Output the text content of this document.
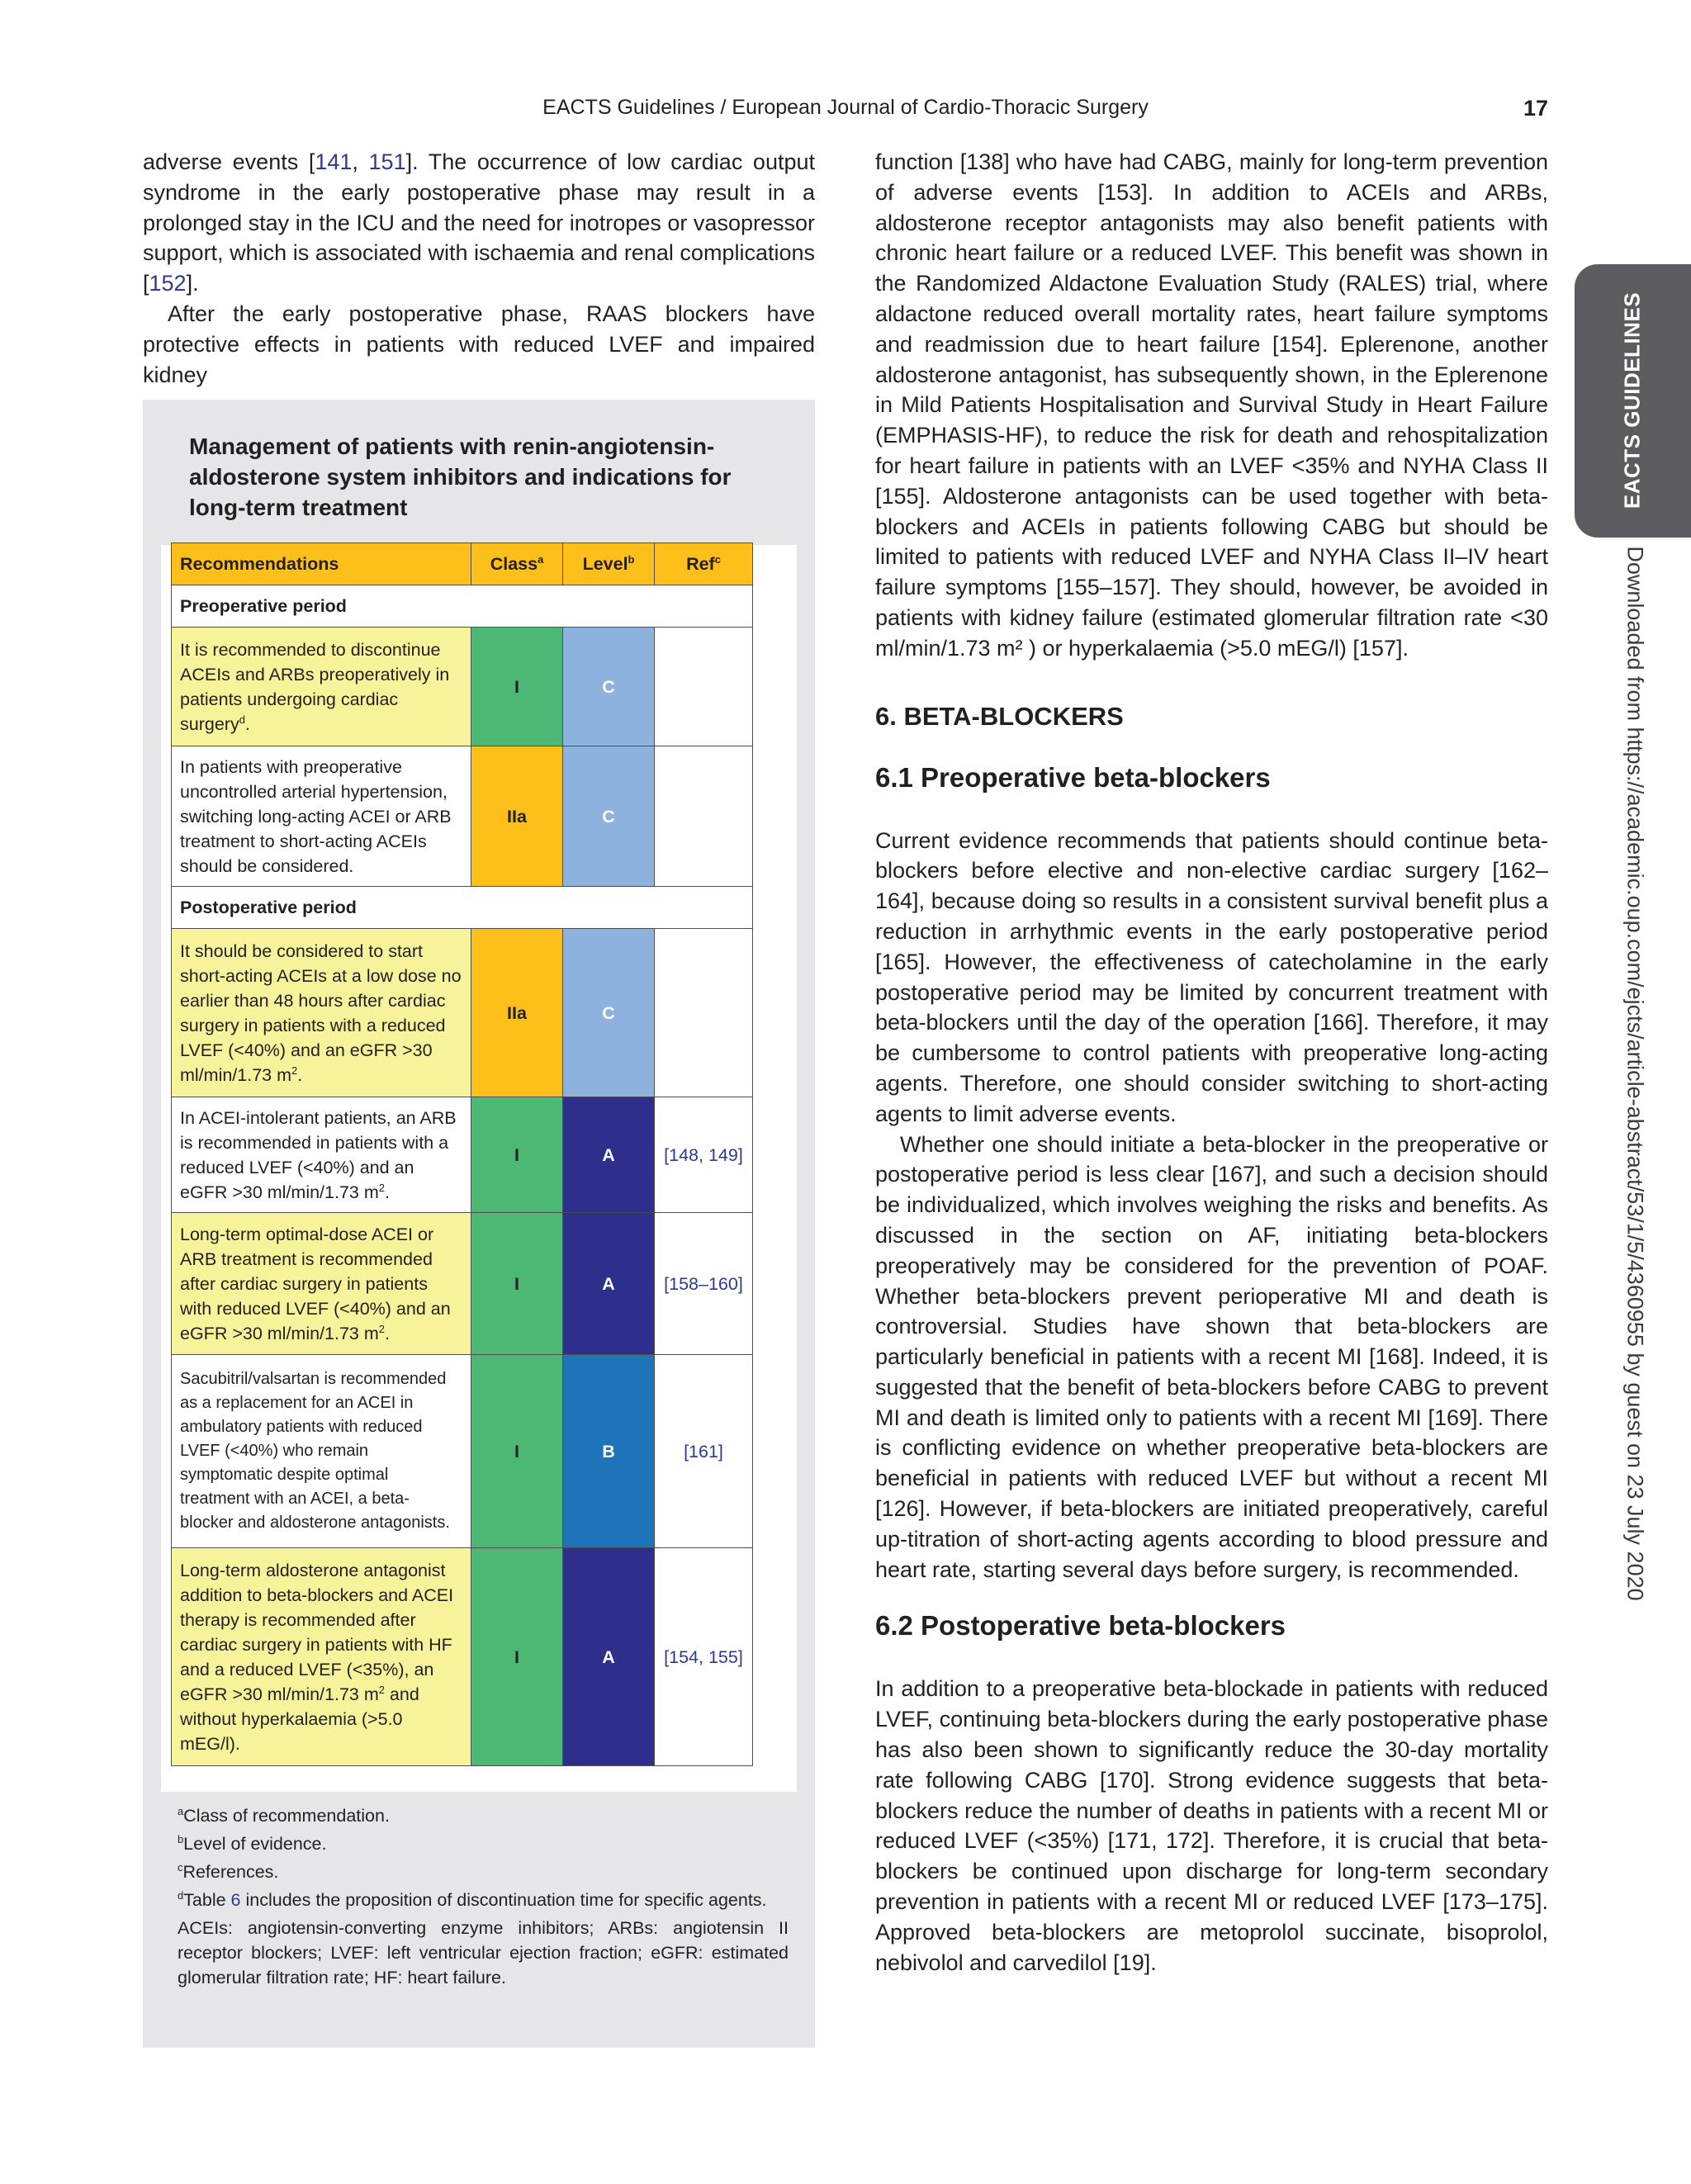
EACTS Guidelines / European Journal of Cardio-Thoracic Surgery	17
EACTS GUIDELINES
Downloaded from https://academic.oup.com/ejcts/article-abstract/53/1/5/4360955 by guest on 23 July 2020

adverse events [141, 151]. The occurrence of low cardiac output syndrome in the early postoperative phase may result in a prolonged stay in the ICU and the need for inotropes or vasopressor support, which is associated with ischaemia and renal complications [152].

After the early postoperative phase, RAAS blockers have protective effects in patients with reduced LVEF and impaired kidney

Management of patients with renin-angiotensin-aldosterone system inhibitors and indications for long-term treatment
$^a$Class of recommendation.
$^b$Level of evidence.
$^c$References.
$^d$Table 6 includes the proposition of discontinuation time for specific agents.
ACEIs: angiotensin-converting enzyme inhibitors; ARBs: angiotensin II receptor blockers; LVEF: left ventricular ejection fraction; eGFR: estimated glomerular filtration rate; HF: heart failure.
Recommendations	Class$^a$	Level$^b$	Ref$^c$
Preoperative period			
It is recommended to discontinue ACEIs and ARBs preoperatively in patients undergoing cardiac surgery$^d$.	I	C	
In patients with preoperative uncontrolled arterial hypertension, switching long-acting ACEI or ARB treatment to short-acting ACEIs should be considered.	IIa	C	
Postoperative period			
It should be considered to start short-acting ACEIs at a low dose no earlier than 48 hours after cardiac surgery in patients with a reduced LVEF (<40%) and an eGFR >30 ml/min/1.73 $m^2$.	IIa	C	
In ACEI-intolerant patients, an ARB is recommended in patients with a reduced LVEF (<40%) and an eGFR >30 ml/min/1.73 $m^2$.	I	A	[148, 149]
Long-term optimal-dose ACEI or ARB treatment is recommended after cardiac surgery in patients with reduced LVEF (<40%) and an eGFR >30 ml/min/1.73 $m^2$.	I	A	[158–160]
Sacubitril/valsartan is recommended as a replacement for an ACEI in ambulatory patients with reduced LVEF (<40%) who remain symptomatic despite optimal treatment with an ACEI, a beta-blocker and aldosterone antagonists.	I	B	[161]
Long-term aldosterone antagonist addition to beta-blockers and ACEI therapy is recommended after cardiac surgery in patients with HF and a reduced LVEF (<35%), an eGFR >30 ml/min/1.73 $m^2$ and without hyperkalaemia (>5.0 mEG/l).	I	A	[154, 155]

function [138] who have had CABG, mainly for long-term prevention of adverse events [153]. In addition to ACEIs and ARBs, aldosterone receptor antagonists may also benefit patients with chronic heart failure or a reduced LVEF. This benefit was shown in the Randomized Aldactone Evaluation Study (RALES) trial, where aldactone reduced overall mortality rates, heart failure symptoms and readmission due to heart failure [154]. Eplerenone, another aldosterone antagonist, has subsequently shown, in the Eplerenone in Mild Patients Hospitalisation and Survival Study in Heart Failure (EMPHASIS-HF), to reduce the risk for death and rehospitalization for heart failure in patients with an LVEF <35% and NYHA Class II [155]. Aldosterone antagonists can be used together with beta-blockers and ACEIs in patients following CABG but should be limited to patients with reduced LVEF and NYHA Class II–IV heart failure symptoms [155–157]. They should, however, be avoided in patients with kidney failure (estimated glomerular filtration rate <30 ml/min/1.73 m² ) or hyperkalaemia (>5.0 mEG/l) [157].

6. BETA-BLOCKERS
6.1 Preoperative beta-blockers

Current evidence recommends that patients should continue beta-blockers before elective and non-elective cardiac surgery [162–164], because doing so results in a consistent survival benefit plus a reduction in arrhythmic events in the early postoperative period [165]. However, the effectiveness of catecholamine in the early postoperative period may be limited by concurrent treatment with beta-blockers until the day of the operation [166]. Therefore, it may be cumbersome to control patients with preoperative long-acting agents. Therefore, one should consider switching to short-acting agents to limit adverse events.

Whether one should initiate a beta-blocker in the preoperative or postoperative period is less clear [167], and such a decision should be individualized, which involves weighing the risks and benefits. As discussed in the section on AF, initiating beta-blockers preoperatively may be considered for the prevention of POAF. Whether beta-blockers prevent perioperative MI and death is controversial. Studies have shown that beta-blockers are particularly beneficial in patients with a recent MI [168]. Indeed, it is suggested that the benefit of beta-blockers before CABG to prevent MI and death is limited only to patients with a recent MI [169]. There is conflicting evidence on whether preoperative beta-blockers are beneficial in patients with reduced LVEF but without a recent MI [126]. However, if beta-blockers are initiated preoperatively, careful up-titration of short-acting agents according to blood pressure and heart rate, starting several days before surgery, is recommended.

6.2 Postoperative beta-blockers

In addition to a preoperative beta-blockade in patients with reduced LVEF, continuing beta-blockers during the early postoperative phase has also been shown to significantly reduce the 30-day mortality rate following CABG [170]. Strong evidence suggests that beta-blockers reduce the number of deaths in patients with a recent MI or reduced LVEF (<35%) [171, 172]. Therefore, it is crucial that beta-blockers be continued upon discharge for long-term secondary prevention in patients with a recent MI or reduced LVEF [173–175]. Approved beta-blockers are metoprolol succinate, bisoprolol, nebivolol and carvedilol [19].
